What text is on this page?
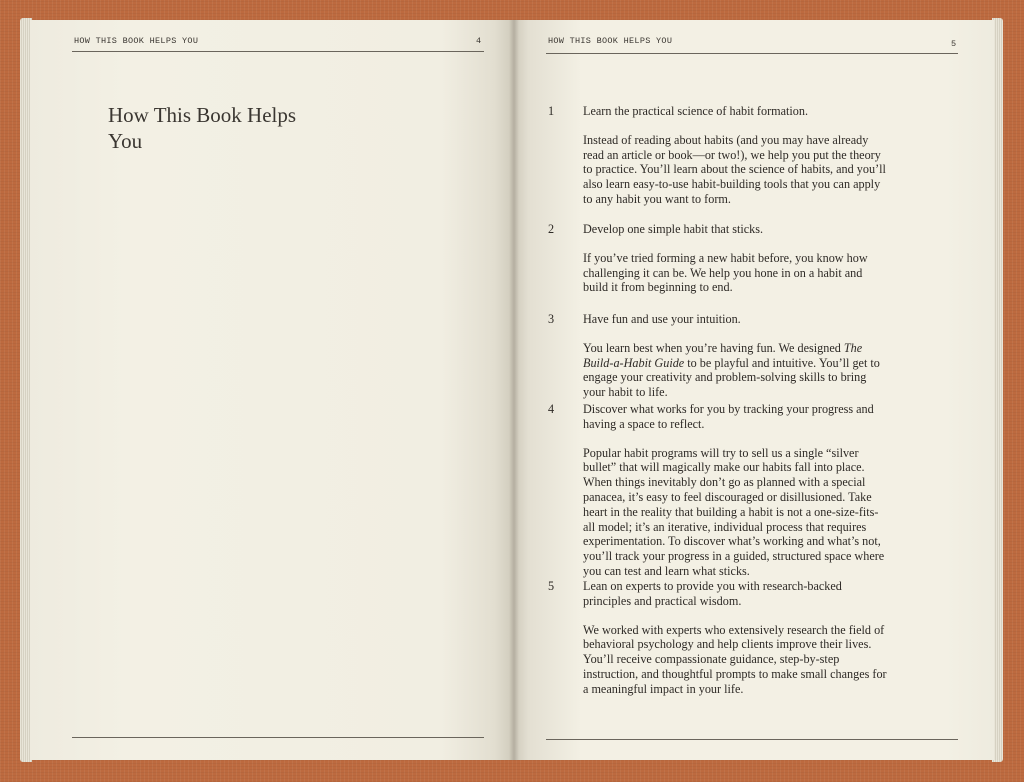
HOW THIS BOOK HELPS YOU	4
How This Book Helps You
HOW THIS BOOK HELPS YOU	5
1	Learn the practical science of habit formation.

Instead of reading about habits (and you may have already read an article or book—or two!), we help you put the theory to practice. You’ll learn about the science of habits, and you’ll also learn easy-to-use habit-building tools that you can apply to any habit you want to form.

2	Develop one simple habit that sticks.

If you’ve tried forming a new habit before, you know how challenging it can be. We help you hone in on a habit and build it from beginning to end.

3	Have fun and use your intuition.

You learn best when you’re having fun. We designed The Build-a-Habit Guide to be playful and intuitive. You’ll get to engage your creativity and problem-solving skills to bring your habit to life.

4	Discover what works for you by tracking your progress and having a space to reflect.

Popular habit programs will try to sell us a single “silver bullet” that will magically make our habits fall into place. When things inevitably don’t go as planned with a special panacea, it’s easy to feel discouraged or disillusioned. Take heart in the reality that building a habit is not a one-size-fits-all model; it’s an iterative, individual process that requires experimentation. To discover what’s working and what’s not, you’ll track your progress in a guided, structured space where you can test and learn what sticks.

5	Lean on experts to provide you with research-backed principles and practical wisdom.

We worked with experts who extensively research the field of behavioral psychology and help clients improve their lives. You’ll receive compassionate guidance, step-by-step instruction, and thoughtful prompts to make small changes for a meaningful impact in your life.
